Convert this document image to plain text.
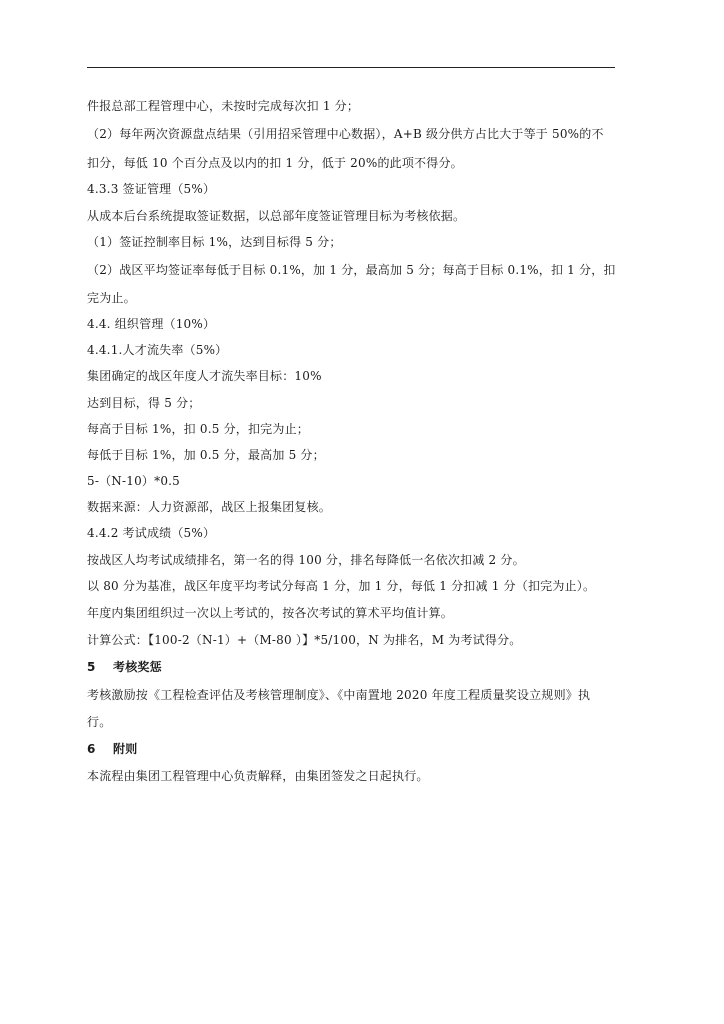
件报总部工程管理中心，未按时完成每次扣 1 分；
（2）每年两次资源盘点结果（引用招采管理中心数据），A+B 级分供方占比大于等于 50%的不
扣分，每低 10 个百分点及以内的扣 1 分，低于 20%的此项不得分。
4.3.3 签证管理（5%）
从成本后台系统提取签证数据，以总部年度签证管理目标为考核依据。
（1）签证控制率目标 1%，达到目标得 5 分；
（2）战区平均签证率每低于目标 0.1%，加 1 分，最高加 5 分；每高于目标 0.1%，扣 1 分，扣
完为止。
4.4. 组织管理（10%）
4.4.1.人才流失率（5%）
集团确定的战区年度人才流失率目标：10%
达到目标，得 5 分；
每高于目标 1%，扣 0.5 分，扣完为止；
每低于目标 1%，加 0.5 分，最高加 5 分；
5-（N-10）*0.5
数据来源：人力资源部，战区上报集团复核。
4.4.2 考试成绩（5%）
按战区人均考试成绩排名，第一名的得 100 分，排名每降低一名依次扣减 2 分。
以 80 分为基准，战区年度平均考试分每高 1 分，加 1 分，每低 1 分扣减 1 分（扣完为止）。
年度内集团组织过一次以上考试的，按各次考试的算术平均值计算。
计算公式：【100-2（N-1）+（M-80 ）】*5/100，N 为排名，M 为考试得分。
5 考核奖惩
考核激励按《工程检查评估及考核管理制度》、《中南置地 2020 年度工程质量奖设立规则》执
行。
6 附则
本流程由集团工程管理中心负责解释，由集团签发之日起执行。
